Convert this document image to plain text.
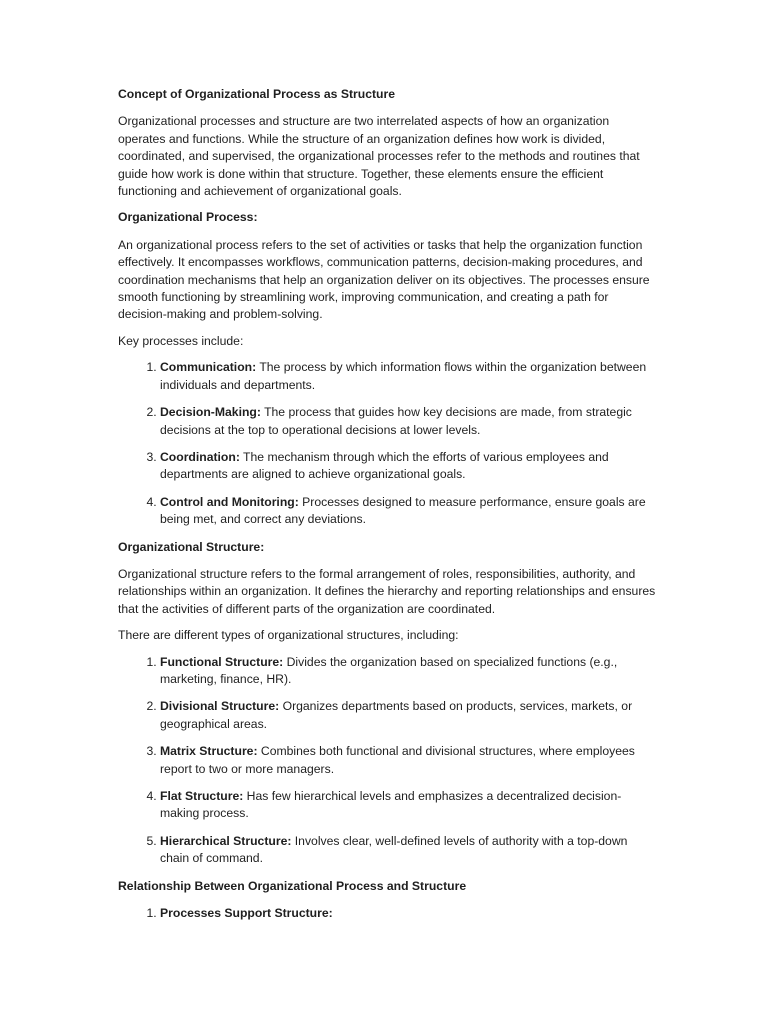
Concept of Organizational Process as Structure

Organizational processes and structure are two interrelated aspects of how an organization operates and functions. While the structure of an organization defines how work is divided, coordinated, and supervised, the organizational processes refer to the methods and routines that guide how work is done within that structure. Together, these elements ensure the efficient functioning and achievement of organizational goals.

Organizational Process:

An organizational process refers to the set of activities or tasks that help the organization function effectively. It encompasses workflows, communication patterns, decision-making procedures, and coordination mechanisms that help an organization deliver on its objectives. The processes ensure smooth functioning by streamlining work, improving communication, and creating a path for decision-making and problem-solving.

Key processes include:

1. Communication: The process by which information flows within the organization between individuals and departments.
2. Decision-Making: The process that guides how key decisions are made, from strategic decisions at the top to operational decisions at lower levels.
3. Coordination: The mechanism through which the efforts of various employees and departments are aligned to achieve organizational goals.
4. Control and Monitoring: Processes designed to measure performance, ensure goals are being met, and correct any deviations.

Organizational Structure:

Organizational structure refers to the formal arrangement of roles, responsibilities, authority, and relationships within an organization. It defines the hierarchy and reporting relationships and ensures that the activities of different parts of the organization are coordinated.

There are different types of organizational structures, including:

1. Functional Structure: Divides the organization based on specialized functions (e.g., marketing, finance, HR).
2. Divisional Structure: Organizes departments based on products, services, markets, or geographical areas.
3. Matrix Structure: Combines both functional and divisional structures, where employees report to two or more managers.
4. Flat Structure: Has few hierarchical levels and emphasizes a decentralized decision-making process.
5. Hierarchical Structure: Involves clear, well-defined levels of authority with a top-down chain of command.

Relationship Between Organizational Process and Structure

1. Processes Support Structure:
